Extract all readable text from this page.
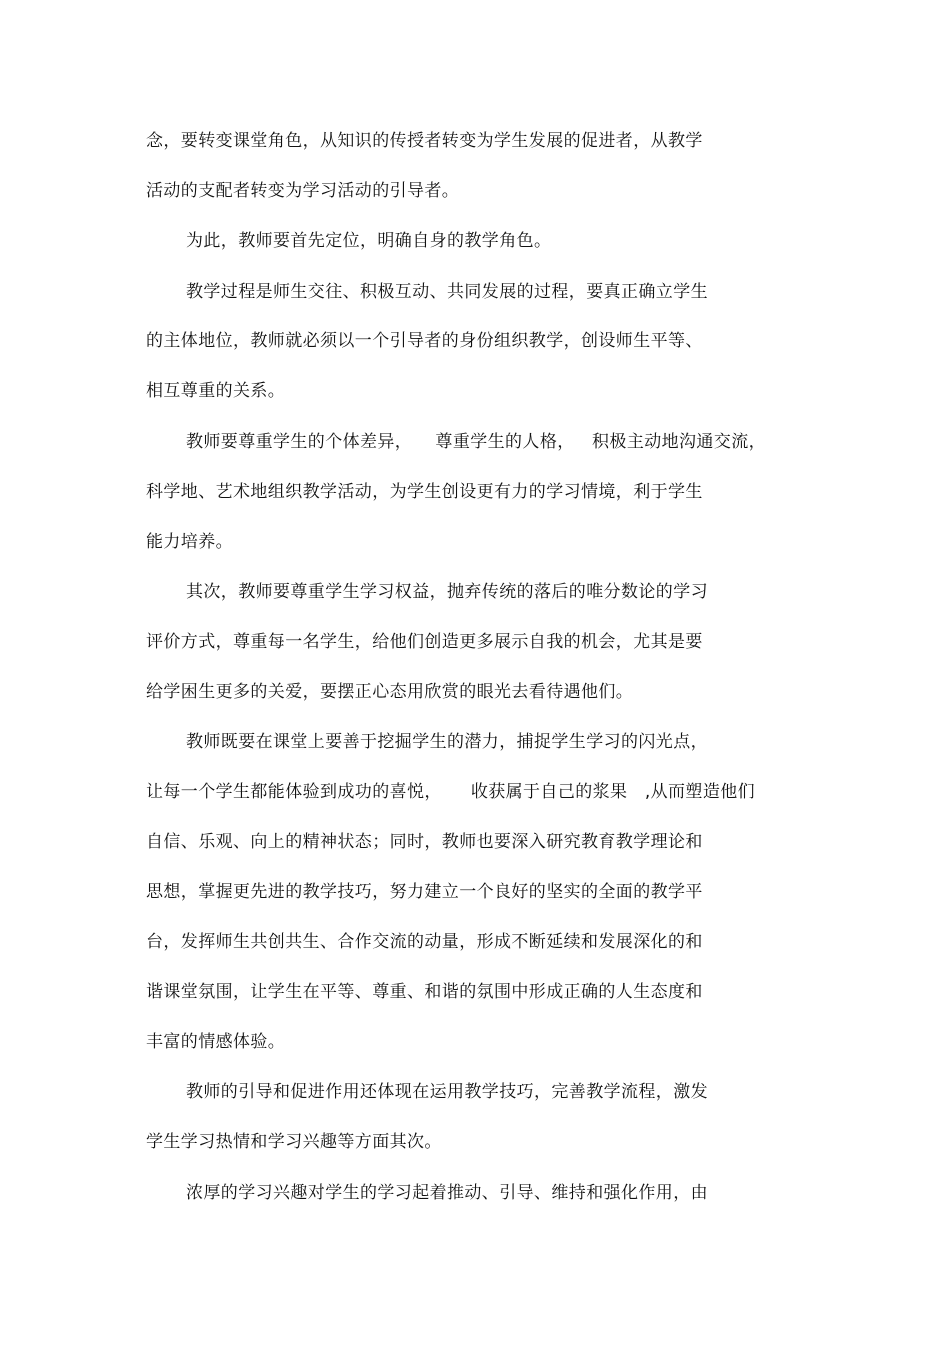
念，要转变课堂角色，从知识的传授者转变为学生发展的促进者，从教学
活动的支配者转变为学习活动的引导者。
为此，教师要首先定位，明确自身的教学角色。
教学过程是师生交往、积极互动、共同发展的过程，要真正确立学生
的主体地位，教师就必须以一个引导者的身份组织教学，创设师生平等、
相互尊重的关系。
教师要尊重学生的个体差异，    尊重学生的人格，   积极主动地沟通交流，
科学地、艺术地组织教学活动，为学生创设更有力的学习情境，利于学生
能力培养。
其次，教师要尊重学生学习权益，抛弃传统的落后的唯分数论的学习
评价方式，尊重每一名学生，给他们创造更多展示自我的机会，尤其是要
给学困生更多的关爱，要摆正心态用欣赏的眼光去看待遇他们。
教师既要在课堂上要善于挖掘学生的潜力，捕捉学生学习的闪光点，
让每一个学生都能体验到成功的喜悦，     收获属于自己的浆果   ,从而塑造他们
自信、乐观、向上的精神状态；同时，教师也要深入研究教育教学理论和
思想，掌握更先进的教学技巧，努力建立一个良好的坚实的全面的教学平
台，发挥师生共创共生、合作交流的动量，形成不断延续和发展深化的和
谐课堂氛围，让学生在平等、尊重、和谐的氛围中形成正确的人生态度和
丰富的情感体验。
教师的引导和促进作用还体现在运用教学技巧，完善教学流程，激发
学生学习热情和学习兴趣等方面其次。
浓厚的学习兴趣对学生的学习起着推动、引导、维持和强化作用，由
